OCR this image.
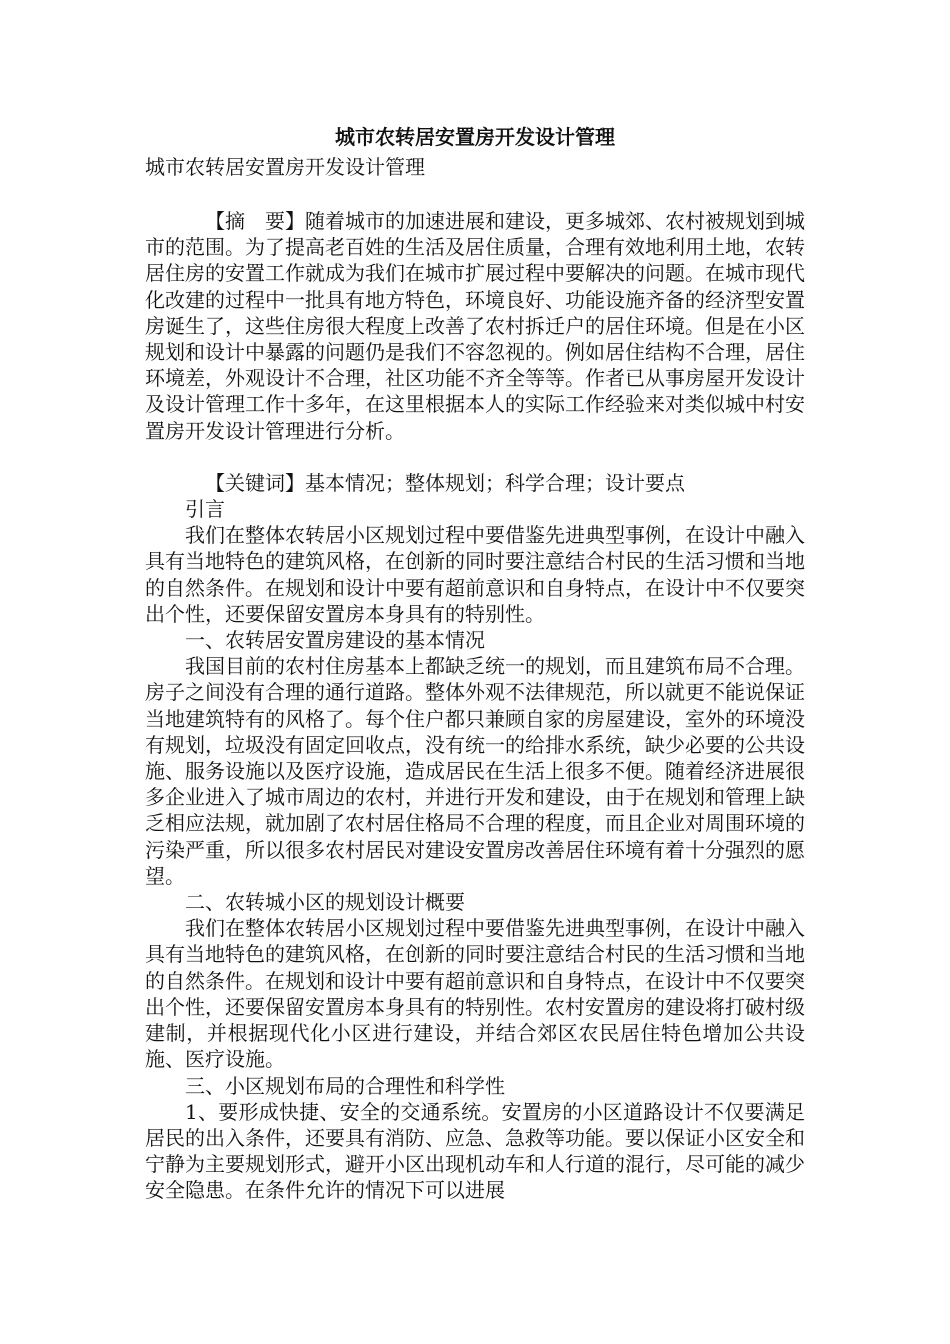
城市农转居安置房开发设计管理
城市农转居安置房开发设计管理

【摘　要】随着城市的加速进展和建设，更多城郊、农村被规划到城市的范围。为了提高老百姓的生活及居住质量，合理有效地利用土地，农转居住房的安置工作就成为我们在城市扩展过程中要解决的问题。在城市现代化改建的过程中一批具有地方特色，环境良好、功能设施齐备的经济型安置房诞生了，这些住房很大程度上改善了农村拆迁户的居住环境。但是在小区规划和设计中暴露的问题仍是我们不容忽视的。例如居住结构不合理，居住环境差，外观设计不合理，社区功能不齐全等等。作者已从事房屋开发设计及设计管理工作十多年，在这里根据本人的实际工作经验来对类似城中村安置房开发设计管理进行分析。

【关键词】基本情况；整体规划；科学合理；设计要点

引言

我们在整体农转居小区规划过程中要借鉴先进典型事例，在设计中融入具有当地特色的建筑风格，在创新的同时要注意结合村民的生活习惯和当地的自然条件。在规划和设计中要有超前意识和自身特点，在设计中不仅要突出个性，还要保留安置房本身具有的特别性。

一、农转居安置房建设的基本情况

我国目前的农村住房基本上都缺乏统一的规划，而且建筑布局不合理。房子之间没有合理的通行道路。整体外观不法律规范，所以就更不能说保证当地建筑特有的风格了。每个住户都只兼顾自家的房屋建设，室外的环境没有规划，垃圾没有固定回收点，没有统一的给排水系统，缺少必要的公共设施、服务设施以及医疗设施，造成居民在生活上很多不便。随着经济进展很多企业进入了城市周边的农村，并进行开发和建设，由于在规划和管理上缺乏相应法规，就加剧了农村居住格局不合理的程度，而且企业对周围环境的污染严重，所以很多农村居民对建设安置房改善居住环境有着十分强烈的愿望。

二、农转城小区的规划设计概要

我们在整体农转居小区规划过程中要借鉴先进典型事例，在设计中融入具有当地特色的建筑风格，在创新的同时要注意结合村民的生活习惯和当地的自然条件。在规划和设计中要有超前意识和自身特点，在设计中不仅要突出个性，还要保留安置房本身具有的特别性。农村安置房的建设将打破村级建制，并根据现代化小区进行建设，并结合郊区农民居住特色增加公共设施、医疗设施。

三、小区规划布局的合理性和科学性

1、要形成快捷、安全的交通系统。安置房的小区道路设计不仅要满足居民的出入条件，还要具有消防、应急、急救等功能。要以保证小区安全和宁静为主要规划形式，避开小区出现机动车和人行道的混行，尽可能的减少安全隐患。在条件允许的情况下可以进展
